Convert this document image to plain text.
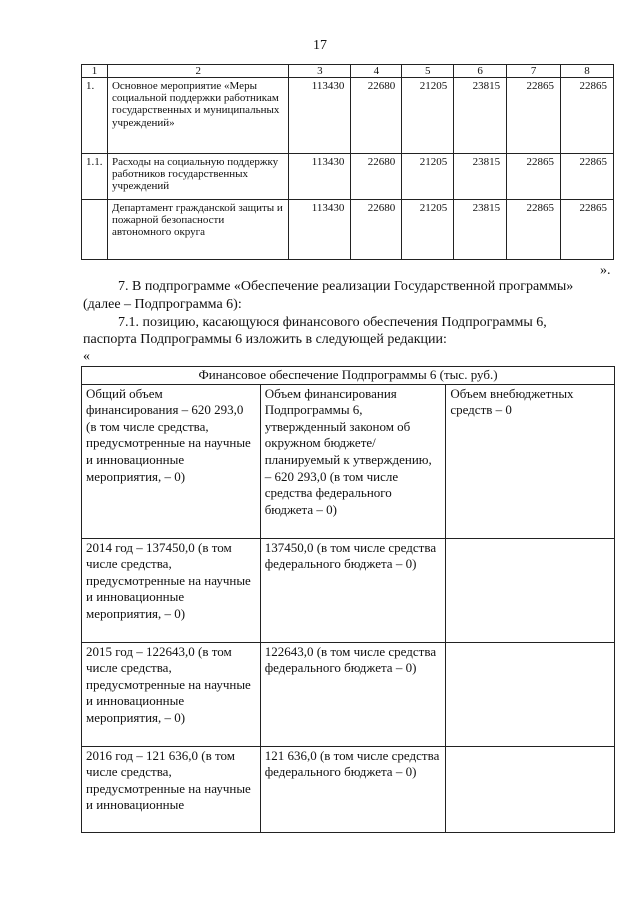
17
1	2	3	4	5	6	7	8
1.	Основное мероприятие «Меры социальной поддержки работникам государственных и муниципальных учреждений»	113430	22680	21205	23815	22865	22865
1.1.	Расходы на социальную поддержку работников государственных учреждений	113430	22680	21205	23815	22865	22865
	Департамент гражданской защиты и пожарной безопасности автономного округа	113430	22680	21205	23815	22865	22865
».
7. В подпрограмме «Обеспечение реализации Государственной программы»
(далее – Подпрограмма 6):
7.1. позицию, касающуюся финансового обеспечения Подпрограммы 6,
паспорта Подпрограммы 6 изложить в следующей редакции:
«
Финансовое обеспечение Подпрограммы 6 (тыс. руб.)		
Общий объем финансирования – 620 293,0 (в том числе средства, предусмотренные на научные и инновационные мероприятия, – 0)	Объем финансирования Подпрограммы 6, утвержденный законом об окружном бюджете/ планируемый к утверждению, – 620 293,0 (в том числе средства федерального бюджета – 0)	Объем внебюджетных средств – 0
2014 год – 137450,0 (в том числе средства, предусмотренные на научные и инновационные мероприятия, – 0)	137450,0 (в том числе средства федерального бюджета – 0)	
2015 год – 122643,0 (в том числе средства, предусмотренные на научные и инновационные мероприятия, – 0)	122643,0 (в том числе средства федерального бюджета – 0)	
2016 год – 121 636,0 (в том числе средства, предусмотренные на научные и инновационные	121 636,0 (в том числе средства федерального бюджета – 0)	
